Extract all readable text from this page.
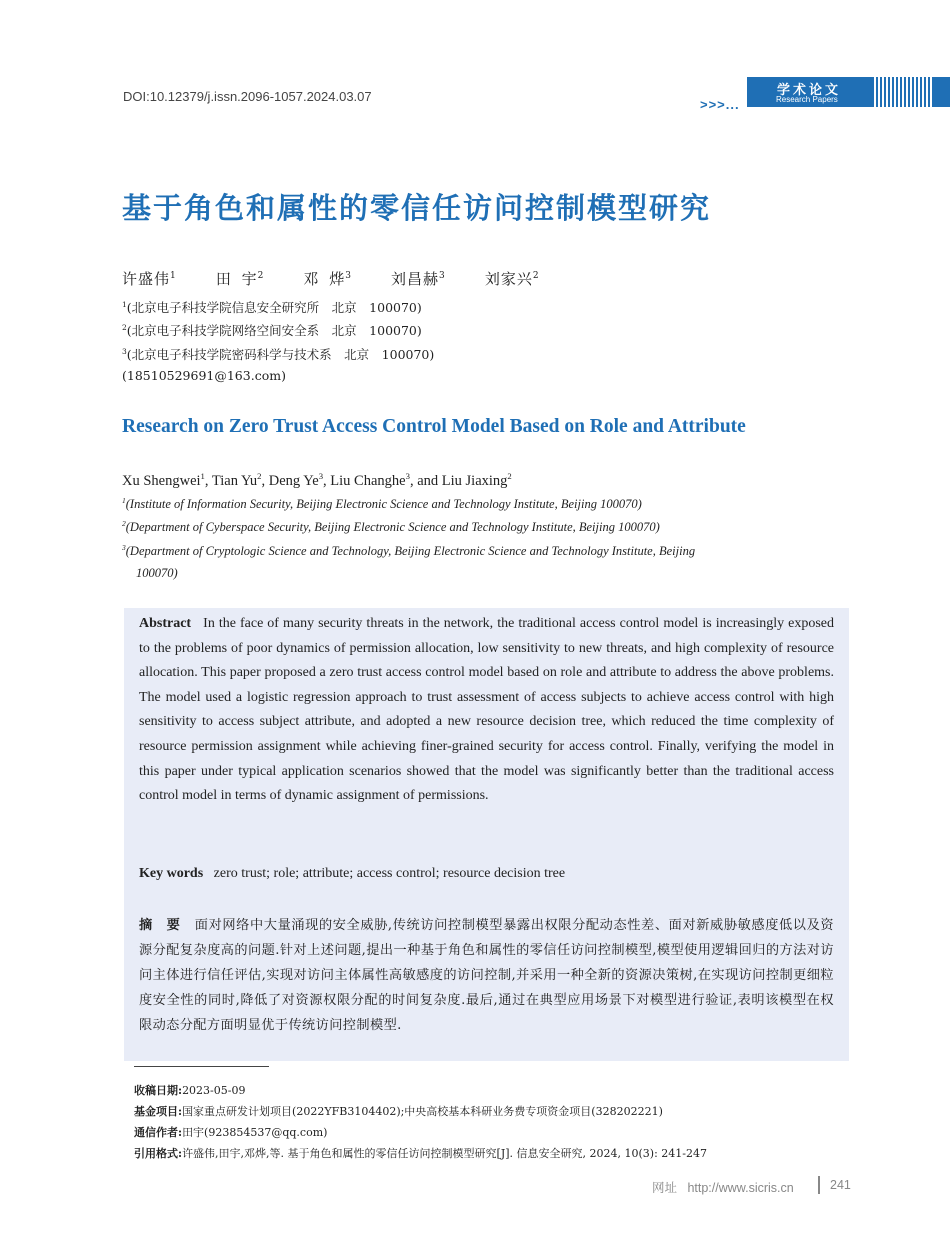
DOI:10.12379/j.issn.2096-1057.2024.03.07
>>>...
学术论文
Research Papers
基于角色和属性的零信任访问控制模型研究
许盛伟$^1$	田 宇$^2$	邓 烨$^3$	刘昌赫$^3$	刘家兴$^2$
$^1$(北京电子科技学院信息安全研究所　北京　100070)
$^2$(北京电子科技学院网络空间安全系　北京　100070)
$^3$(北京电子科技学院密码科学与技术系　北京　100070)
(18510529691@163.com)
Research on Zero Trust Access Control Model Based on Role and Attribute
Xu Shengwei$^1$, Tian Yu$^2$, Deng Ye$^3$, Liu Changhe$^3$, and Liu Jiaxing$^2$
$^1$(Institute of Information Security, Beijing Electronic Science and Technology Institute, Beijing 100070)
$^2$(Department of Cyberspace Security, Beijing Electronic Science and Technology Institute, Beijing 100070)
$^3$(Department of Cryptologic Science and Technology, Beijing Electronic Science and Technology Institute, Beijing
100070)
Abstract In the face of many security threats in the network, the traditional access control model is increasingly exposed to the problems of poor dynamics of permission allocation, low sensitivity to new threats, and high complexity of resource allocation. This paper proposed a zero trust access control model based on role and attribute to address the above problems. The model used a logistic regression approach to trust assessment of access subjects to achieve access control with high sensitivity to access subject attribute, and adopted a new resource decision tree, which reduced the time complexity of resource permission assignment while achieving finer-grained security for access control. Finally, verifying the model in this paper under typical application scenarios showed that the model was significantly better than the traditional access control model in terms of dynamic assignment of permissions.
Key words zero trust; role; attribute; access control; resource decision tree
摘　要 面对网络中大量涌现的安全威胁,传统访问控制模型暴露出权限分配动态性差、面对新威胁敏感度低以及资源分配复杂度高的问题.针对上述问题,提出一种基于角色和属性的零信任访问控制模型,模型使用逻辑回归的方法对访问主体进行信任评估,实现对访问主体属性高敏感度的访问控制,并采用一种全新的资源决策树,在实现访问控制更细粒度安全性的同时,降低了对资源权限分配的时间复杂度.最后,通过在典型应用场景下对模型进行验证,表明该模型在权限动态分配方面明显优于传统访问控制模型.
收稿日期:2023-05-09
基金项目:国家重点研发计划项目(2022YFB3104402);中央高校基本科研业务费专项资金项目(328202221)
通信作者:田宇(923854537@qq.com)
引用格式:许盛伟,田宇,邓烨,等. 基于角色和属性的零信任访问控制模型研究[J]. 信息安全研究, 2024, 10(3): 241-247
网址 http://www.sicris.cn	241
